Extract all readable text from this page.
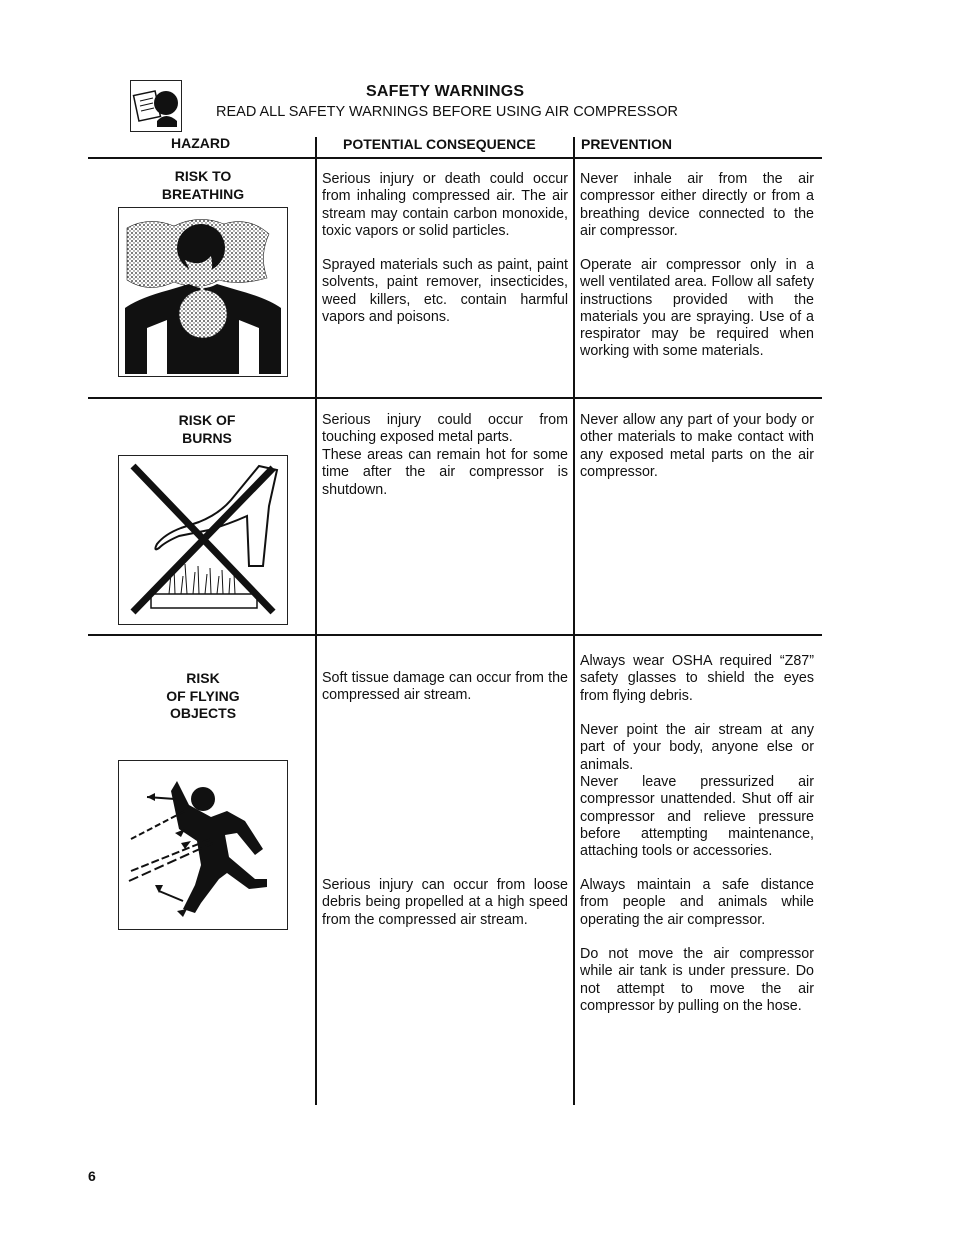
SAFETY WARNINGS
READ ALL SAFETY WARNINGS BEFORE USING AIR COMPRESSOR
HAZARD	POTENTIAL CONSEQUENCE	PREVENTION
RISK TO
BREATHING
Serious injury or death could occur from inhaling compressed air. The air stream may contain carbon monoxide, toxic vapors or solid particles.
Sprayed materials such as paint, paint solvents, paint remover, insecticides, weed killers, etc. contain harmful vapors and poisons.
Never inhale air from the air compressor either directly or from a breathing device connected to the air compressor.
Operate air compressor only in a well ventilated area. Follow all safety instructions provided with the materials you are spraying. Use of a respirator may be required when working with some materials.
RISK OF
BURNS
Serious injury could occur from touching exposed metal parts.
These areas can remain hot for some time after the air compressor is shutdown.
Never allow any part of your body or other materials to make contact with any exposed metal parts on the air compressor.
RISK
OF FLYING
OBJECTS
Soft tissue damage can occur from the compressed air stream.
Serious injury can occur from loose debris being propelled at a high speed from the compressed air stream.
Always wear OSHA required “Z87” safety glasses to shield the eyes from flying debris.
Never point the air stream at any part of your body, anyone else or animals.
Never leave pressurized air compressor unattended. Shut off air compressor and relieve pressure before attempting maintenance, attaching tools or accessories.
Always maintain a safe distance from people and animals while operating the air compressor.
Do not move the air compressor while air tank is under pressure. Do not attempt to move the air compressor by pulling on the hose.
6
